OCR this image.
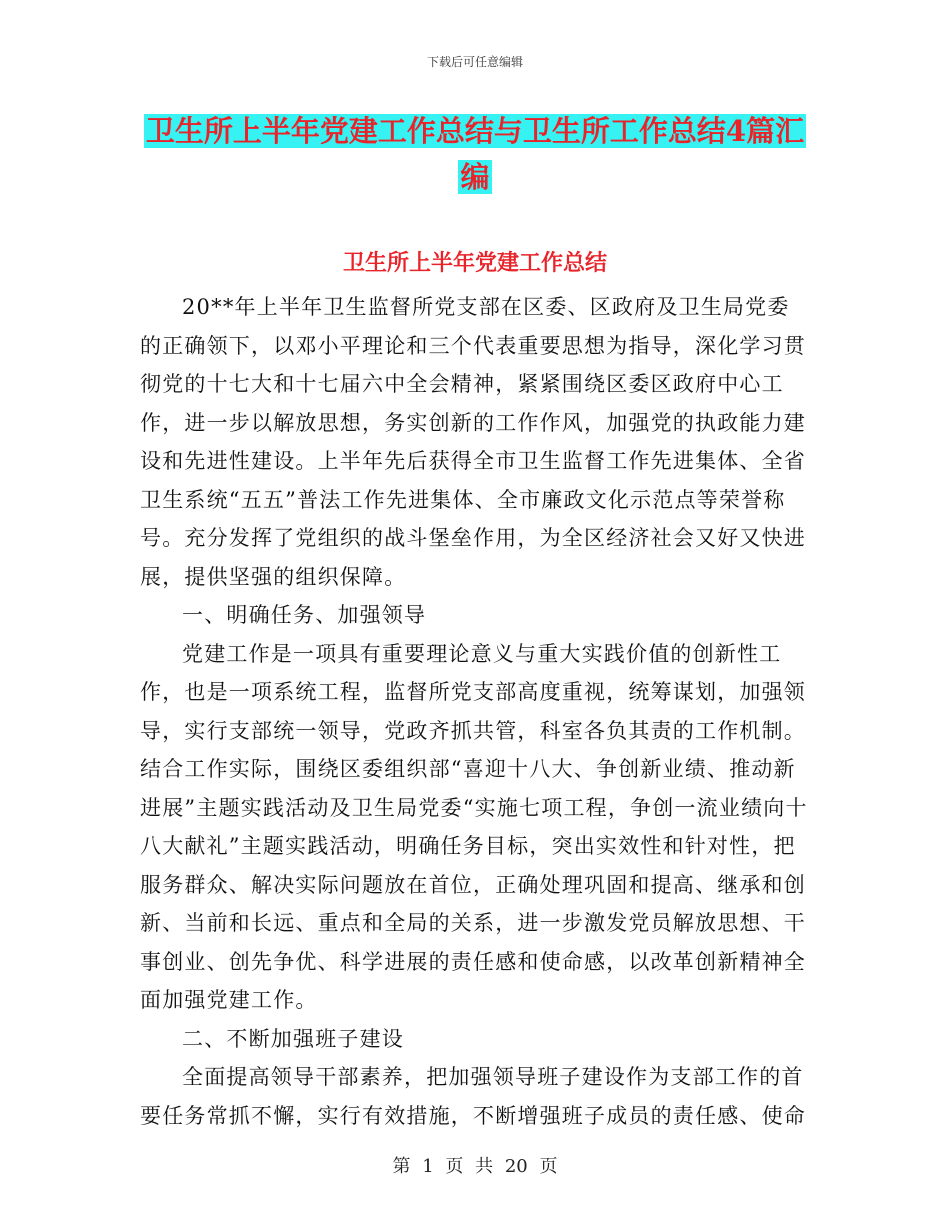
下载后可任意编辑
卫生所上半年党建工作总结与卫生所工作总结4篇汇
编
卫生所上半年党建工作总结

20**年上半年卫生监督所党支部在区委、区政府及卫生局党委的正确领下，以邓小平理论和三个代表重要思想为指导，深化学习贯彻党的十七大和十七届六中全会精神，紧紧围绕区委区政府中心工作，进一步以解放思想，务实创新的工作作风，加强党的执政能力建设和先进性建设。上半年先后获得全市卫生监督工作先进集体、全省卫生系统“五五”普法工作先进集体、全市廉政文化示范点等荣誉称号。充分发挥了党组织的战斗堡垒作用，为全区经济社会又好又快进展，提供坚强的组织保障。

一、明确任务、加强领导

党建工作是一项具有重要理论意义与重大实践价值的创新性工作，也是一项系统工程，监督所党支部高度重视，统筹谋划，加强领导，实行支部统一领导，党政齐抓共管，科室各负其责的工作机制。结合工作实际，围绕区委组织部“喜迎十八大、争创新业绩、推动新进展”主题实践活动及卫生局党委“实施七项工程，争创一流业绩向十八大献礼”主题实践活动，明确任务目标，突出实效性和针对性，把服务群众、解决实际问题放在首位，正确处理巩固和提高、继承和创新、当前和长远、重点和全局的关系，进一步激发党员解放思想、干事创业、创先争优、科学进展的责任感和使命感，以改革创新精神全面加强党建工作。

二、不断加强班子建设

全面提高领导干部素养，把加强领导班子建设作为支部工作的首要任务常抓不懈，实行有效措施，不断增强班子成员的责任感、使命

第 1 页 共 20 页
